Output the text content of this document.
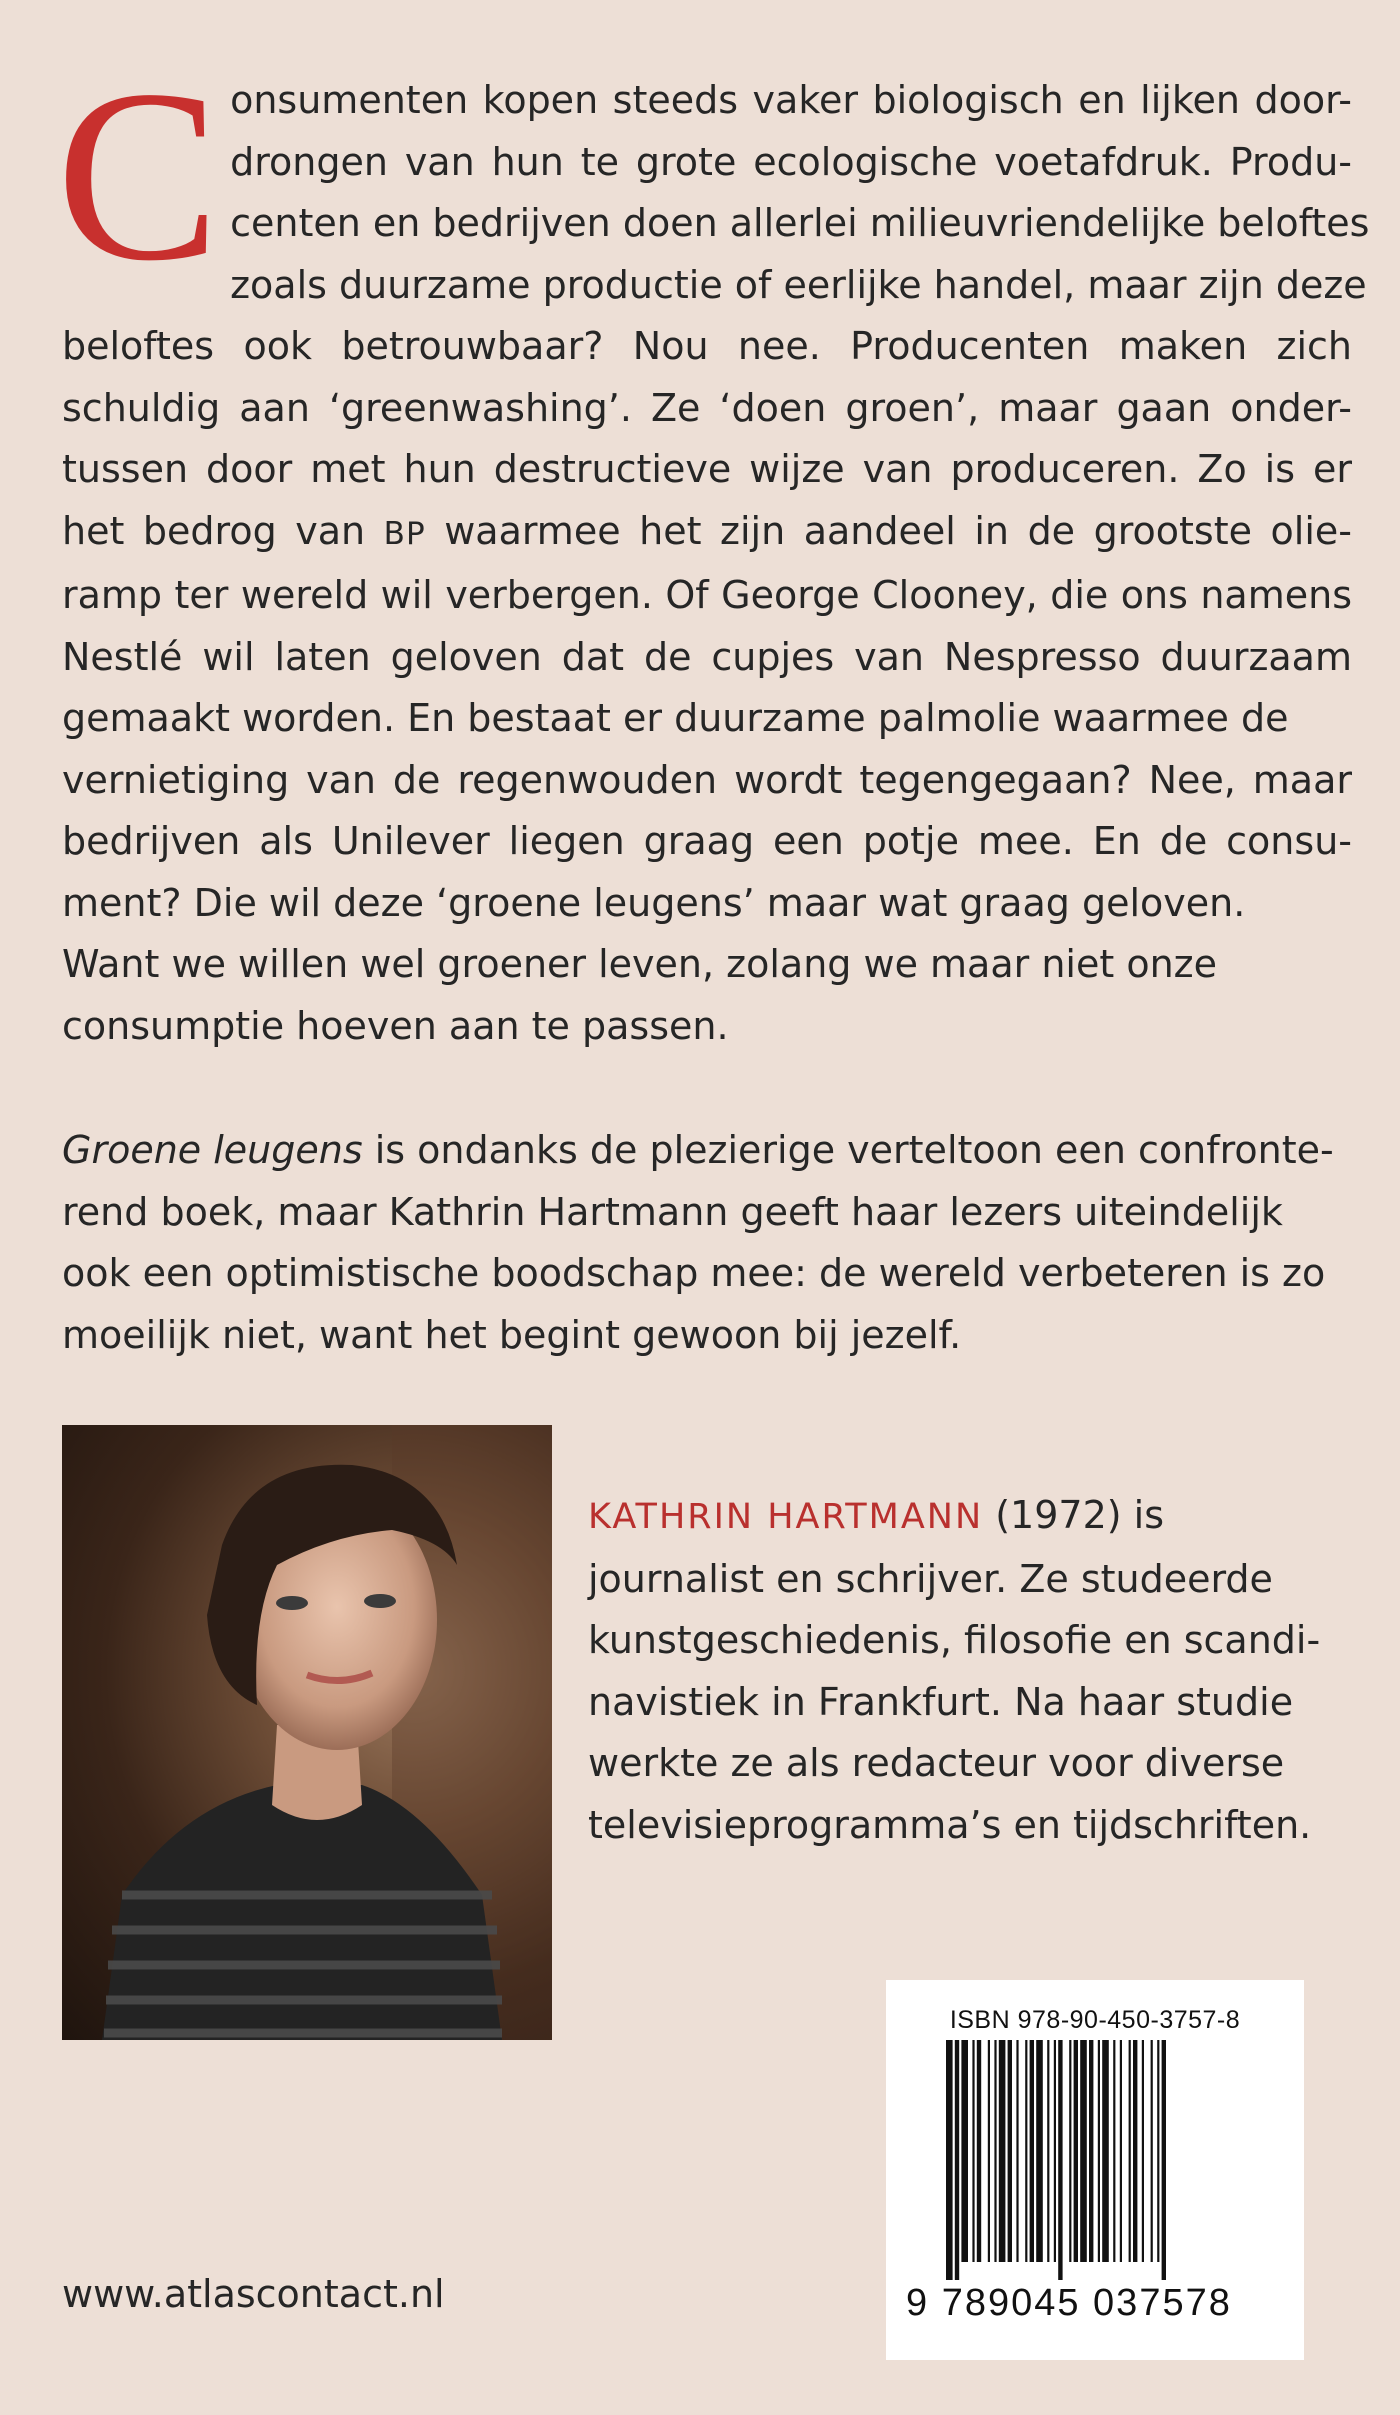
C onsumenten kopen steeds vaker biologisch en lijken door-
drongen van hun te grote ecologische voetafdruk. Produ-
centen en bedrijven doen allerlei milieuvriendelijke beloftes
zoals duurzame productie of eerlijke handel, maar zijn deze
beloftes ook betrouwbaar? Nou nee. Producenten maken zich
schuldig aan ‘greenwashing’. Ze ‘doen groen’, maar gaan onder-
tussen door met hun destructieve wijze van produceren. Zo is er
het bedrog van BP waarmee het zijn aandeel in de grootste olie-
ramp ter wereld wil verbergen. Of George Clooney, die ons namens
Nestlé wil laten geloven dat de cupjes van Nespresso duurzaam
gemaakt worden. En bestaat er duurzame palmolie waarmee de
vernietiging van de regenwouden wordt tegengegaan? Nee, maar
bedrijven als Unilever liegen graag een potje mee. En de consu-
ment? Die wil deze ‘groene leugens’ maar wat graag geloven.
Want we willen wel groener leven, zolang we maar niet onze
consumptie hoeven aan te passen.

Groene leugens is ondanks de plezierige verteltoon een confronte-
rend boek, maar Kathrin Hartmann geeft haar lezers uiteindelijk
ook een optimistische boodschap mee: de wereld verbeteren is zo
moeilijk niet, want het begint gewoon bij jezelf.

KATHRIN HARTMANN (1972) is
journalist en schrijver. Ze studeerde
kunstgeschiedenis, filosofie en scandi-
navistiek in Frankfurt. Na haar studie
werkte ze als redacteur voor diverse
televisieprogramma’s en tijdschriften.

ISBN 978-90-450-3757-8
9 789045 037578
www.atlascontact.nl
